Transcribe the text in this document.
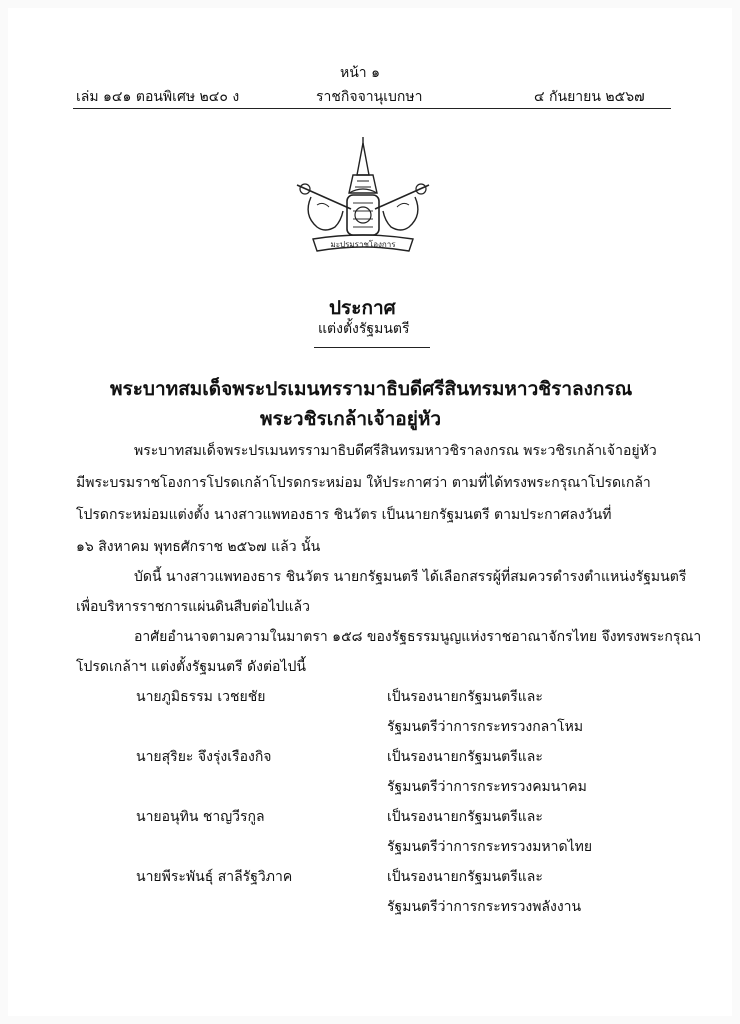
หน้า ๑
เล่ม ๑๔๑ ตอนพิเศษ ๒๔๐ ง	ราชกิจจานุเบกษา	๔ กันยายน ๒๕๖๗
มะปรมราชโองการ
ประกาศ
แต่งตั้งรัฐมนตรี
พระบาทสมเด็จพระปรเมนทรรามาธิบดีศรีสินทรมหาวชิราลงกรณ
พระวชิรเกล้าเจ้าอยู่หัว
พระบาทสมเด็จพระปรเมนทรรามาธิบดีศรีสินทรมหาวชิราลงกรณ พระวชิรเกล้าเจ้าอยู่หัว
มีพระบรมราชโองการโปรดเกล้าโปรดกระหม่อม ให้ประกาศว่า ตามที่ได้ทรงพระกรุณาโปรดเกล้า
โปรดกระหม่อมแต่งตั้ง นางสาวแพทองธาร ชินวัตร เป็นนายกรัฐมนตรี ตามประกาศลงวันที่
๑๖ สิงหาคม พุทธศักราช ๒๕๖๗ แล้ว นั้น
บัดนี้ นางสาวแพทองธาร ชินวัตร นายกรัฐมนตรี ได้เลือกสรรผู้ที่สมควรดำรงตำแหน่งรัฐมนตรี
เพื่อบริหารราชการแผ่นดินสืบต่อไปแล้ว
อาศัยอำนาจตามความในมาตรา ๑๕๘ ของรัฐธรรมนูญแห่งราชอาณาจักรไทย จึงทรงพระกรุณา
โปรดเกล้าฯ แต่งตั้งรัฐมนตรี ดังต่อไปนี้
นายภูมิธรรม เวชยชัย	เป็นรองนายกรัฐมนตรีและ
รัฐมนตรีว่าการกระทรวงกลาโหม
นายสุริยะ จึงรุ่งเรืองกิจ	เป็นรองนายกรัฐมนตรีและ
รัฐมนตรีว่าการกระทรวงคมนาคม
นายอนุทิน ชาญวีรกูล	เป็นรองนายกรัฐมนตรีและ
รัฐมนตรีว่าการกระทรวงมหาดไทย
นายพีระพันธุ์ สาลีรัฐวิภาค	เป็นรองนายกรัฐมนตรีและ
รัฐมนตรีว่าการกระทรวงพลังงาน
